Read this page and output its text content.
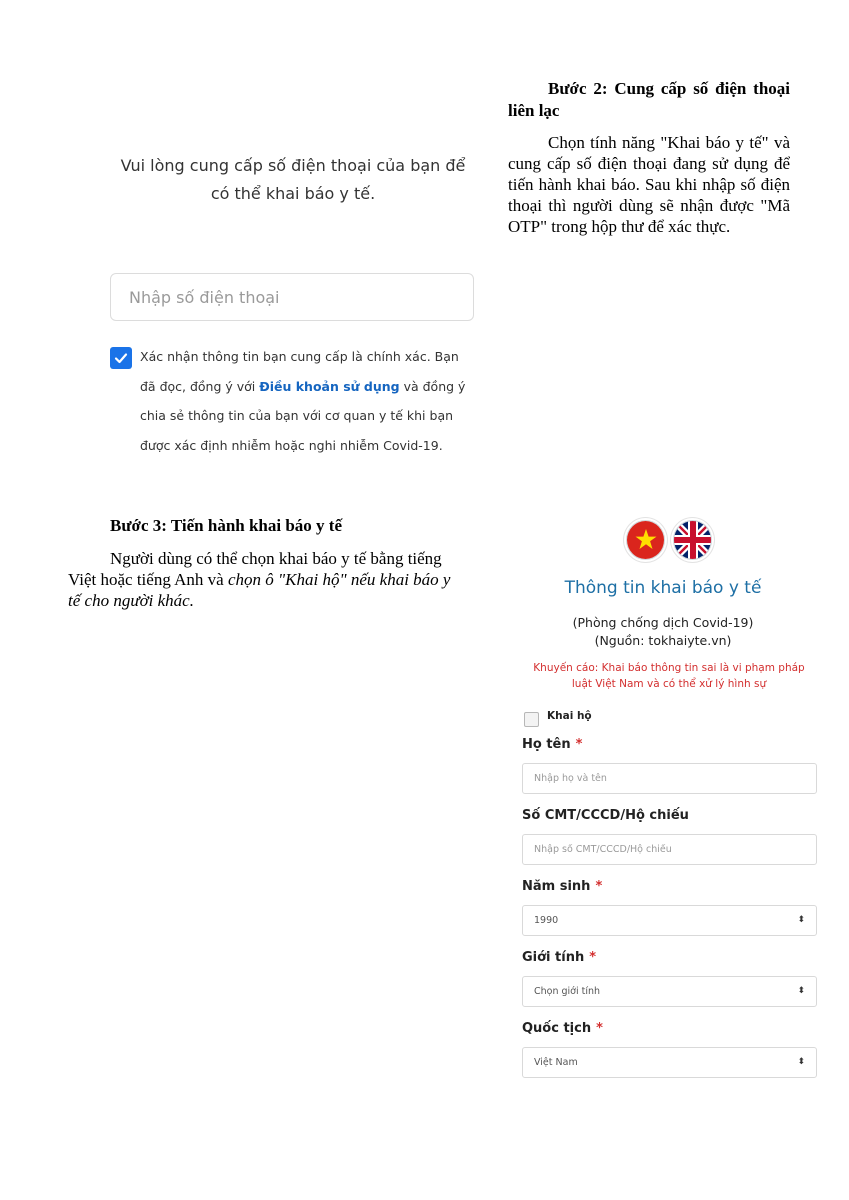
Bước 2: Cung cấp số điện thoại liên lạc
Chọn tính năng "Khai báo y tế" và cung cấp số điện thoại đang sử dụng để tiến hành khai báo. Sau khi nhập số điện thoại thì người dùng sẽ nhận được "Mã OTP" trong hộp thư để xác thực.
Vui lòng cung cấp số điện thoại của bạn để có thể khai báo y tế.
Nhập số điện thoại
Xác nhận thông tin bạn cung cấp là chính xác. Bạn đã đọc, đồng ý với Điều khoản sử dụng và đồng ý chia sẻ thông tin của bạn với cơ quan y tế khi bạn được xác định nhiễm hoặc nghi nhiễm Covid-19.
Bước 3: Tiến hành khai báo y tế
Người dùng có thể chọn khai báo y tế bằng tiếng Việt hoặc tiếng Anh và chọn ô "Khai hộ" nếu khai báo y tế cho người khác.
Thông tin khai báo y tế
(Phòng chống dịch Covid-19)
(Nguồn: tokhaiyte.vn)
Khuyến cáo: Khai báo thông tin sai là vi phạm pháp luật Việt Nam và có thể xử lý hình sự
Khai hộ
Họ tên *
Nhập họ và tên
Số CMT/CCCD/Hộ chiếu
Nhập số CMT/CCCD/Hộ chiếu
Năm sinh *
1990	⬍
Giới tính *
Chọn giới tính	⬍
Quốc tịch *
Việt Nam	⬍
